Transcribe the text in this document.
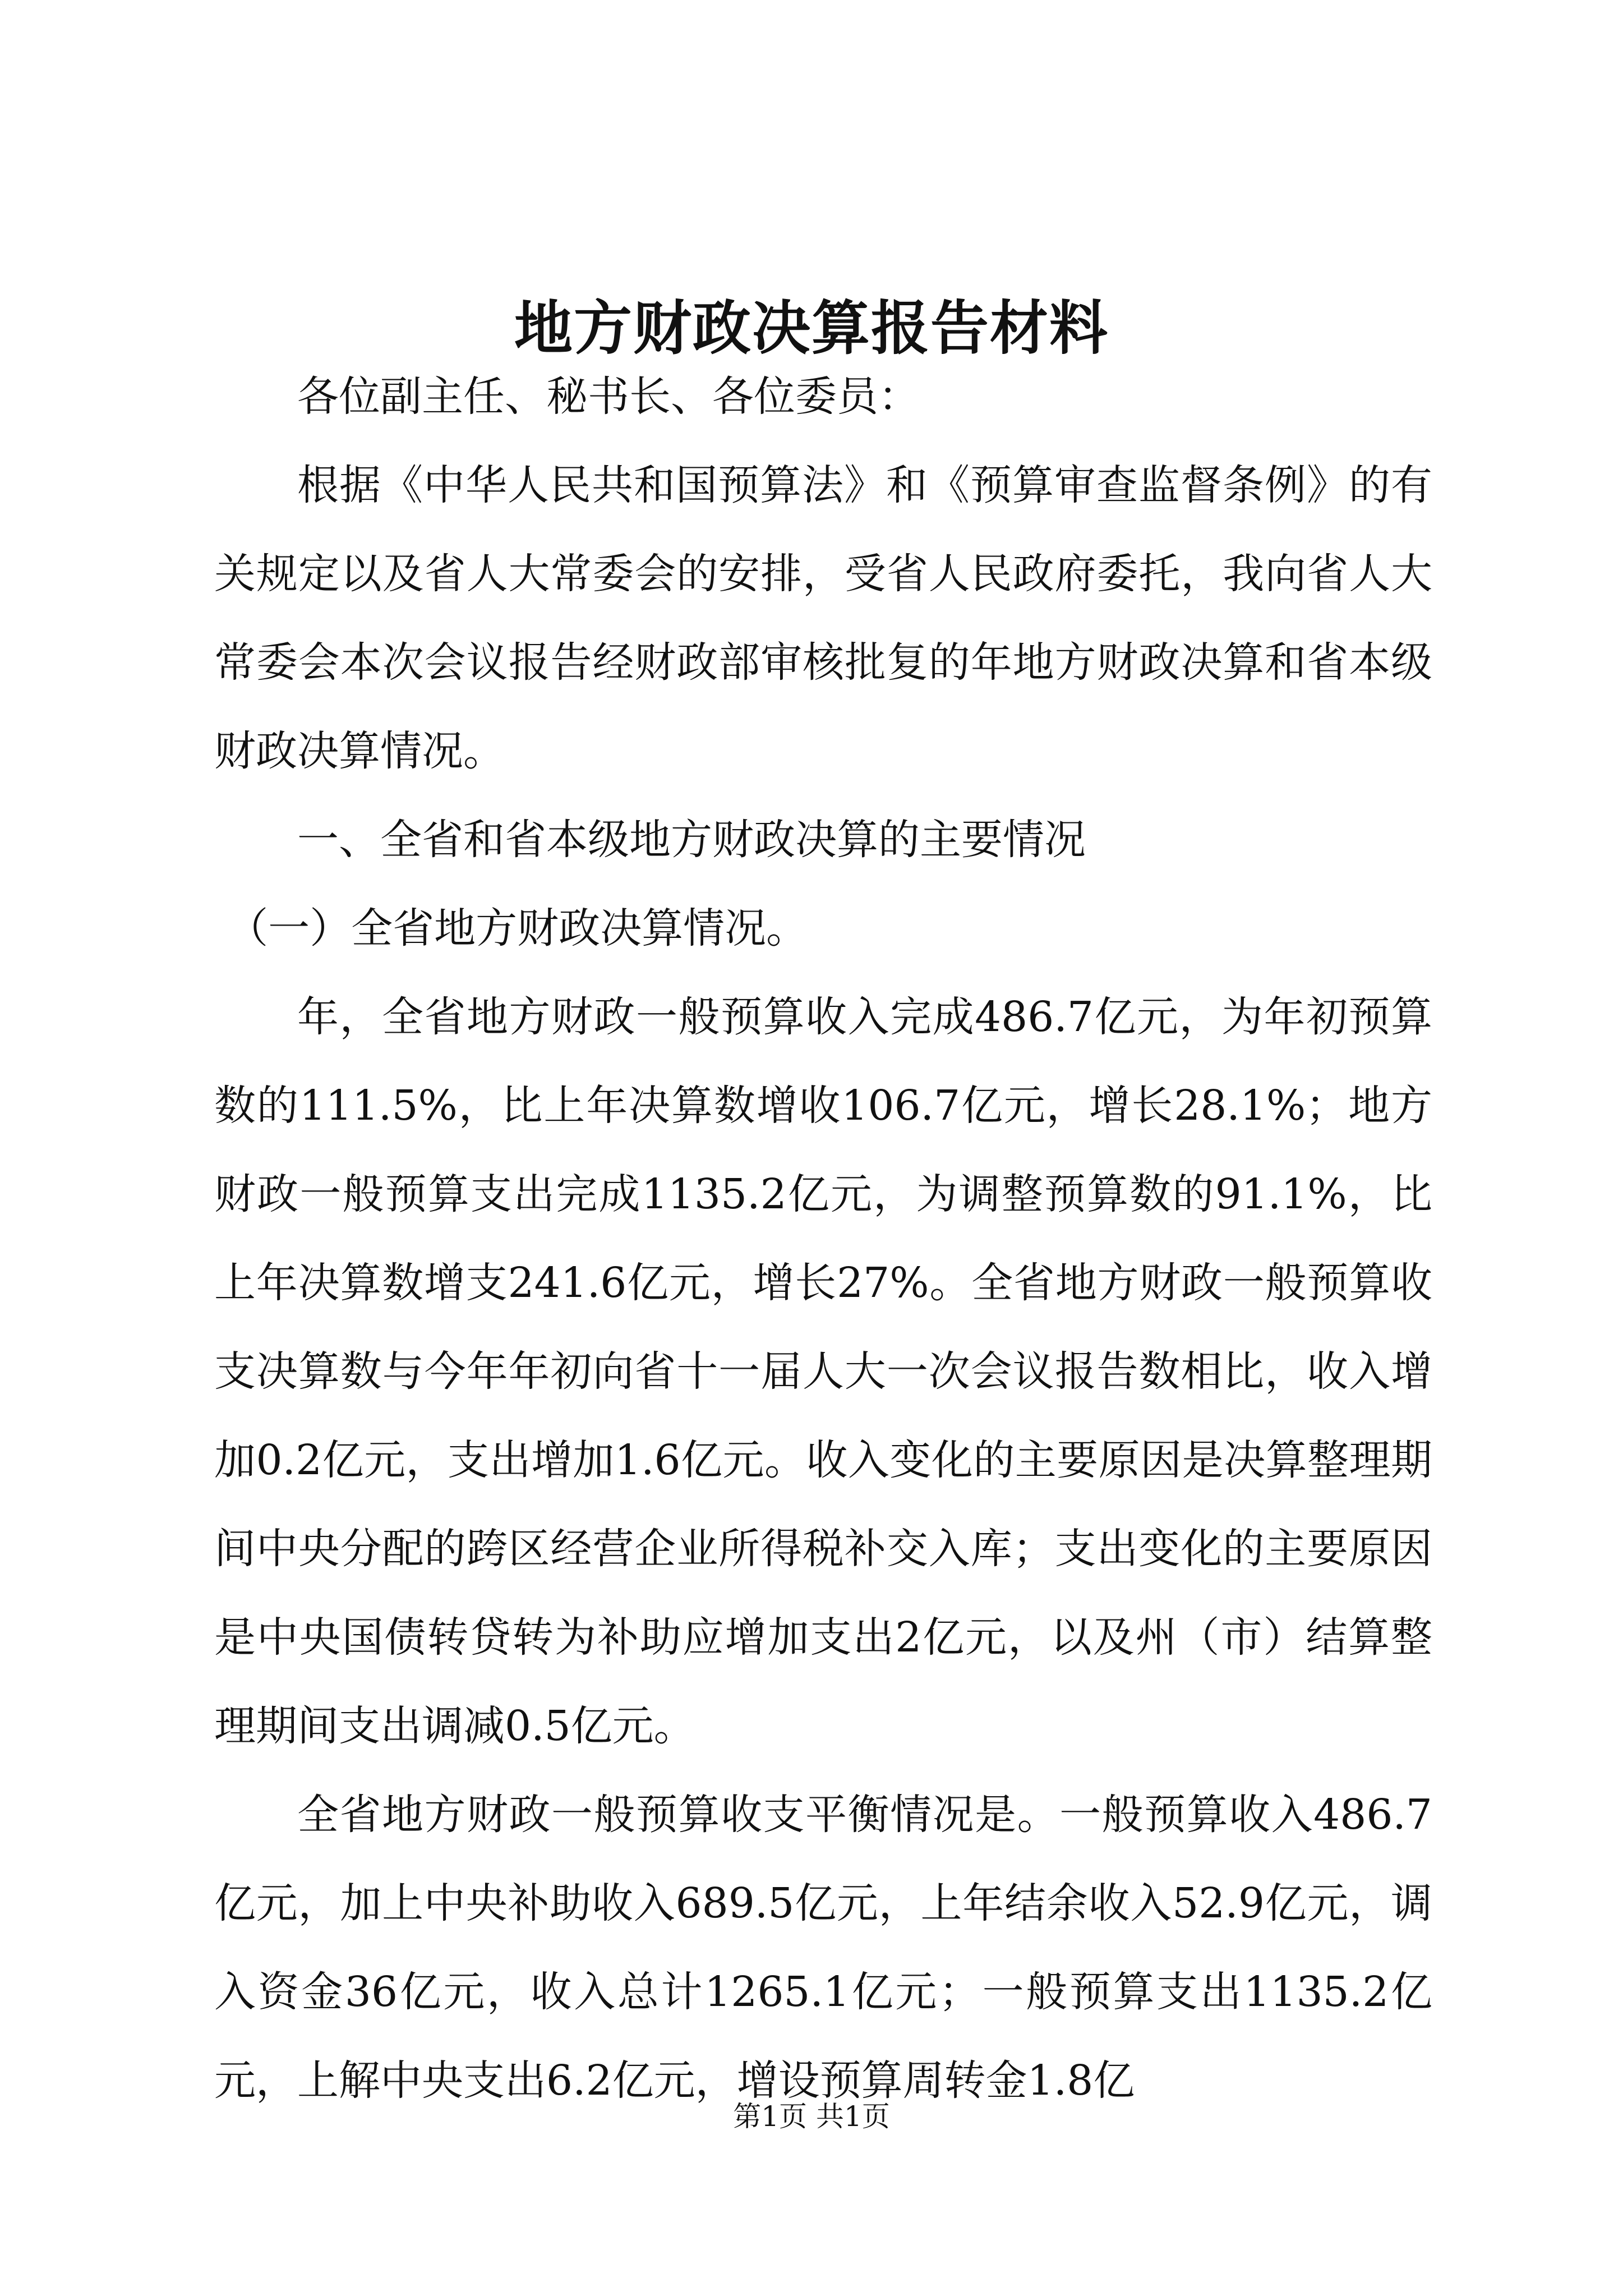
地方财政决算报告材料

各位副主任、秘书长、各位委员：

根据《中华人民共和国预算法》和《预算审查监督条例》的有关规定以及省人大常委会的安排，受省人民政府委托，我向省人大常委会本次会议报告经财政部审核批复的年地方财政决算和省本级财政决算情况。

一、全省和省本级地方财政决算的主要情况

（一）全省地方财政决算情况。

年，全省地方财政一般预算收入完成486.7亿元，为年初预算数的111.5%，比上年决算数增收106.7亿元，增长28.1%；地方财政一般预算支出完成1135.2亿元，为调整预算数的91.1%，比上年决算数增支241.6亿元，增长27%。全省地方财政一般预算收支决算数与今年年初向省十一届人大一次会议报告数相比，收入增加0.2亿元，支出增加1.6亿元。收入变化的主要原因是决算整理期间中央分配的跨区经营企业所得税补交入库；支出变化的主要原因是中央国债转贷转为补助应增加支出2亿元，以及州（市）结算整理期间支出调减0.5亿元。

全省地方财政一般预算收支平衡情况是。一般预算收入486.7亿元，加上中央补助收入689.5亿元，上年结余收入52.9亿元，调入资金36亿元，收入总计1265.1亿元；一般预算支出1135.2亿元，上解中央支出6.2亿元，增设预算周转金1.8亿

第1页 共1页
